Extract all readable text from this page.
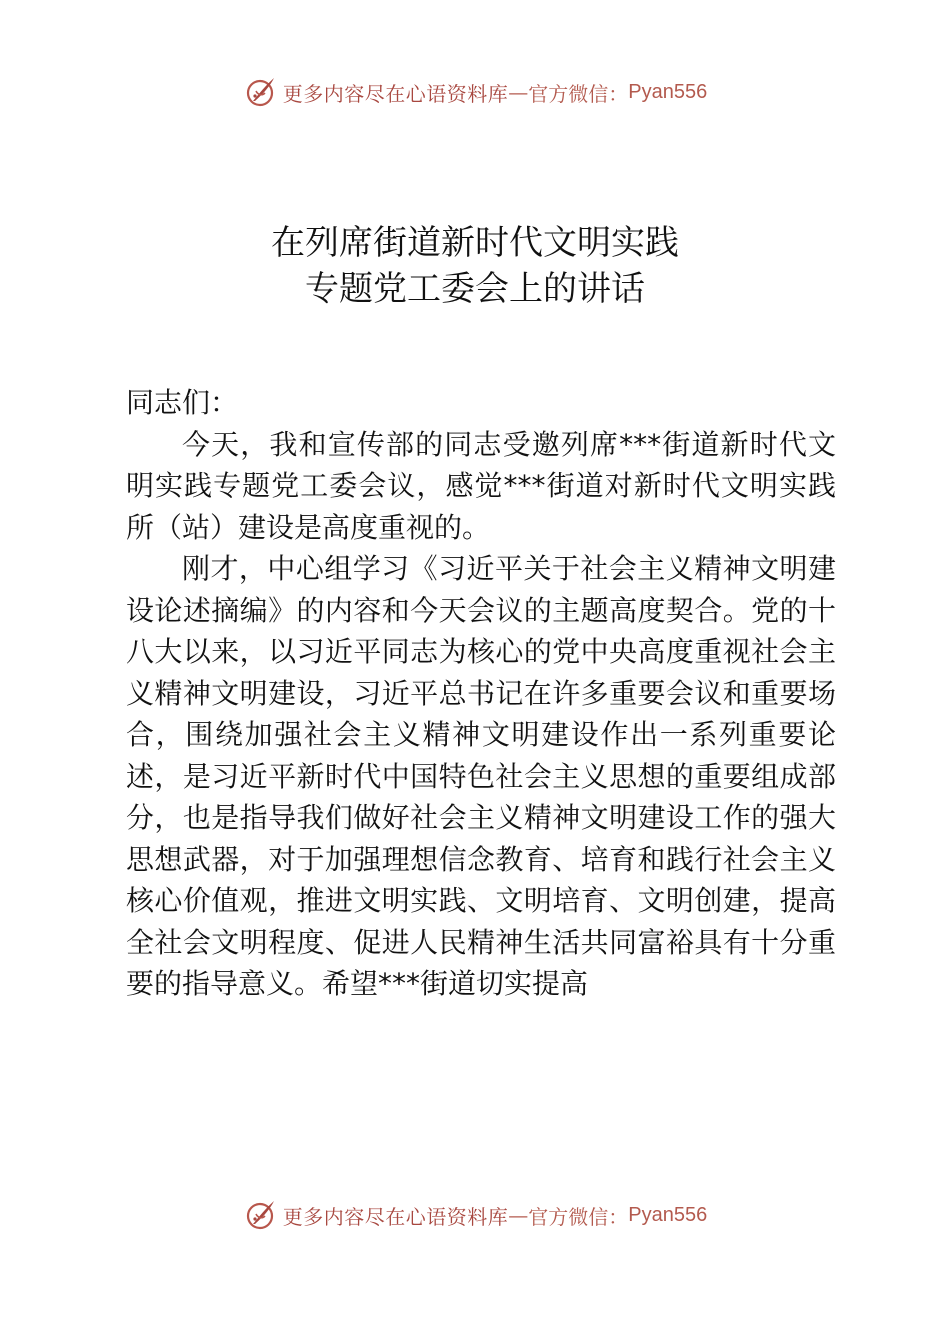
更多内容尽在心语资料库 — 官方微信： Pyan556
在列席街道新时代文明实践
专题党工委会上的讲话

同志们：

今天，我和宣传部的同志受邀列席***街道新时代文明实践专题党工委会议，感觉***街道对新时代文明实践所（站）建设是高度重视的。

刚才，中心组学习《习近平关于社会主义精神文明建设论述摘编》的内容和今天会议的主题高度契合。党的十八大以来，以习近平同志为核心的党中央高度重视社会主义精神文明建设，习近平总书记在许多重要会议和重要场合，围绕加强社会主义精神文明建设作出一系列重要论述，是习近平新时代中国特色社会主义思想的重要组成部分，也是指导我们做好社会主义精神文明建设工作的强大思想武器，对于加强理想信念教育、培育和践行社会主义核心价值观，推进文明实践、文明培育、文明创建，提高全社会文明程度、促进人民精神生活共同富裕具有十分重要的指导意义。希望***街道切实提高

更多内容尽在心语资料库 — 官方微信： Pyan556
